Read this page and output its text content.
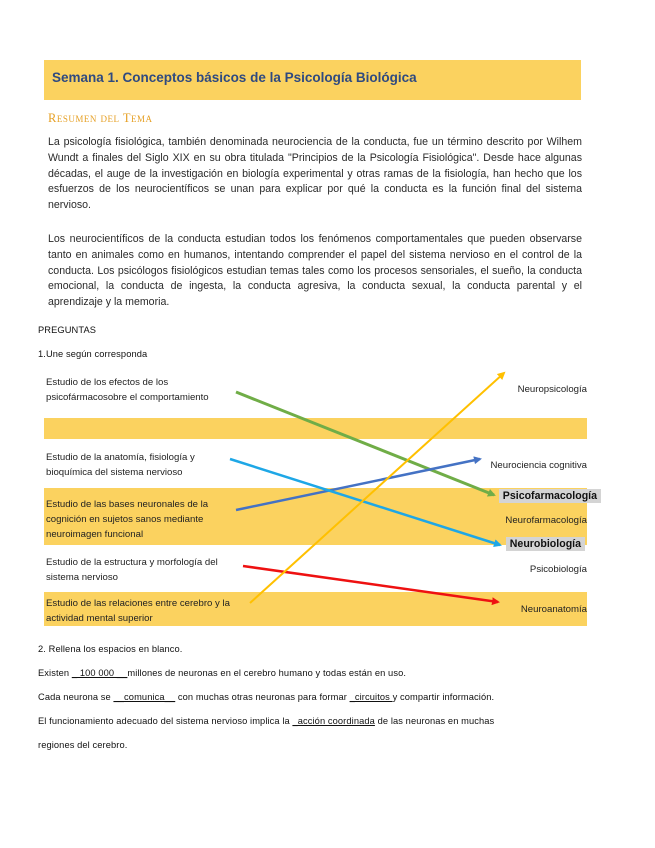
Semana 1. Conceptos básicos de la Psicología Biológica
Resumen del Tema

La psicología fisiológica, también denominada neurociencia de la conducta, fue un término descrito por Wilhem Wundt a finales del Siglo XIX en su obra titulada "Principios de la Psicología Fisiológica". Desde hace algunas décadas, el auge de la investigación en biología experimental y otras ramas de la fisiología, han hecho que los esfuerzos de los neurocientíficos se unan para explicar por qué la conducta es la función final del sistema nervioso.

Los neurocientíficos de la conducta estudian todos los fenómenos comportamentales que pueden observarse tanto en animales como en humanos, intentando comprender el papel del sistema nervioso en el control de la conducta. Los psicólogos fisiológicos estudian temas tales como los procesos sensoriales, el sueño, la conducta emocional, la conducta de ingesta, la conducta agresiva, la conducta sexual, la conducta parental y el aprendizaje y la memoria.

PREGUNTAS
1.Une según corresponda
Estudio de los efectos de los psicofármacosobre el comportamiento
Estudio de la anatomía, fisiología y bioquímica del sistema nervioso
Estudio de las bases neuronales de la cognición en sujetos sanos mediante neuroimagen funcional
Estudio de la estructura y morfología del sistema nervioso
Estudio de las relaciones entre cerebro y la actividad mental superior
Neuropsicología
Neurociencia cognitiva
Psicofarmacología
Neurofarmacología
Neurobiología
Psicobiología
Neuroanatomía
2. Rellena los espacios en blanco.
Existen _ 100 000 __millones de neuronas en el cerebro humano y todas están en uso.
Cada neurona se __comunica__ con muchas otras neuronas para formar _circuitos y compartir información.
El funcionamiento adecuado del sistema nervioso implica la _acción coordinada de las neuronas en muchas
regiones del cerebro.
